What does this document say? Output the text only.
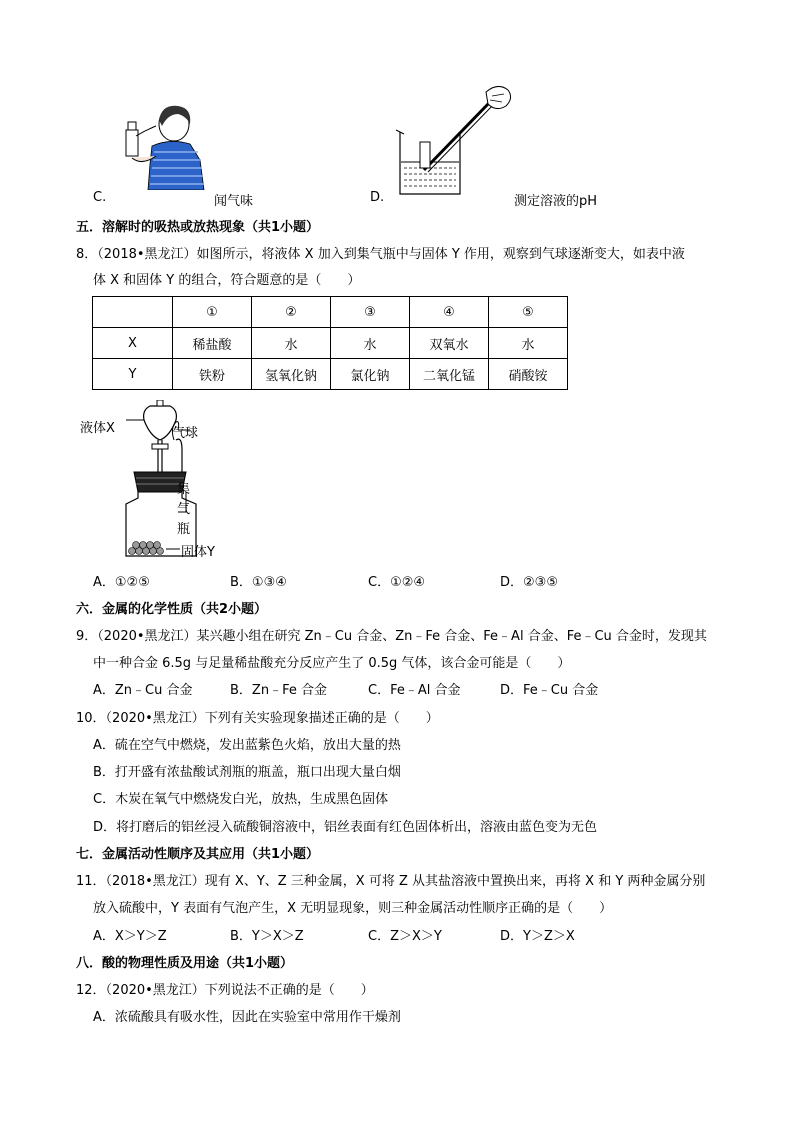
C.	闻气味	D.	测定溶液的pH
五．溶解时的吸热或放热现象（共1小题）
8．（2018•黑龙江）如图所示，将液体 X 加入到集气瓶中与固体 Y 作用，观察到气球逐渐变大，如表中液
体 X 和固体 Y 的组合，符合题意的是（　　）
	①	②	③	④	⑤
X	稀盐酸	水	水	双氧水	水
Y	铁粉	氢氧化钠	氯化钠	二氧化锰	硝酸铵
液体X	气球
集
气
瓶
固体Y
A．①②⑤	B．①③④	C．①②④	D．②③⑤
六．金属的化学性质（共2小题）
9．（2020•黑龙江）某兴趣小组在研究 Zn﹣Cu 合金、Zn﹣Fe 合金、Fe﹣Al 合金、Fe﹣Cu 合金时，发现其
中一种合金 6.5g 与足量稀盐酸充分反应产生了 0.5g 气体，该合金可能是（　　）
A．Zn﹣Cu 合金	B．Zn﹣Fe 合金	C．Fe﹣Al 合金	D．Fe﹣Cu 合金
10．（2020•黑龙江）下列有关实验现象描述正确的是（　　）
A．硫在空气中燃烧，发出蓝紫色火焰，放出大量的热
B．打开盛有浓盐酸试剂瓶的瓶盖，瓶口出现大量白烟
C．木炭在氧气中燃烧发白光，放热，生成黑色固体
D．将打磨后的铝丝浸入硫酸铜溶液中，铝丝表面有红色固体析出，溶液由蓝色变为无色
七．金属活动性顺序及其应用（共1小题）
11．（2018•黑龙江）现有 X、Y、Z 三种金属，X 可将 Z 从其盐溶液中置换出来，再将 X 和 Y 两种金属分别
放入硫酸中，Y 表面有气泡产生，X 无明显现象，则三种金属活动性顺序正确的是（　　）
A．X＞Y＞Z	B．Y＞X＞Z	C．Z＞X＞Y	D．Y＞Z＞X
八．酸的物理性质及用途（共1小题）
12．（2020•黑龙江）下列说法不正确的是（　　）
A．浓硫酸具有吸水性，因此在实验室中常用作干燥剂
